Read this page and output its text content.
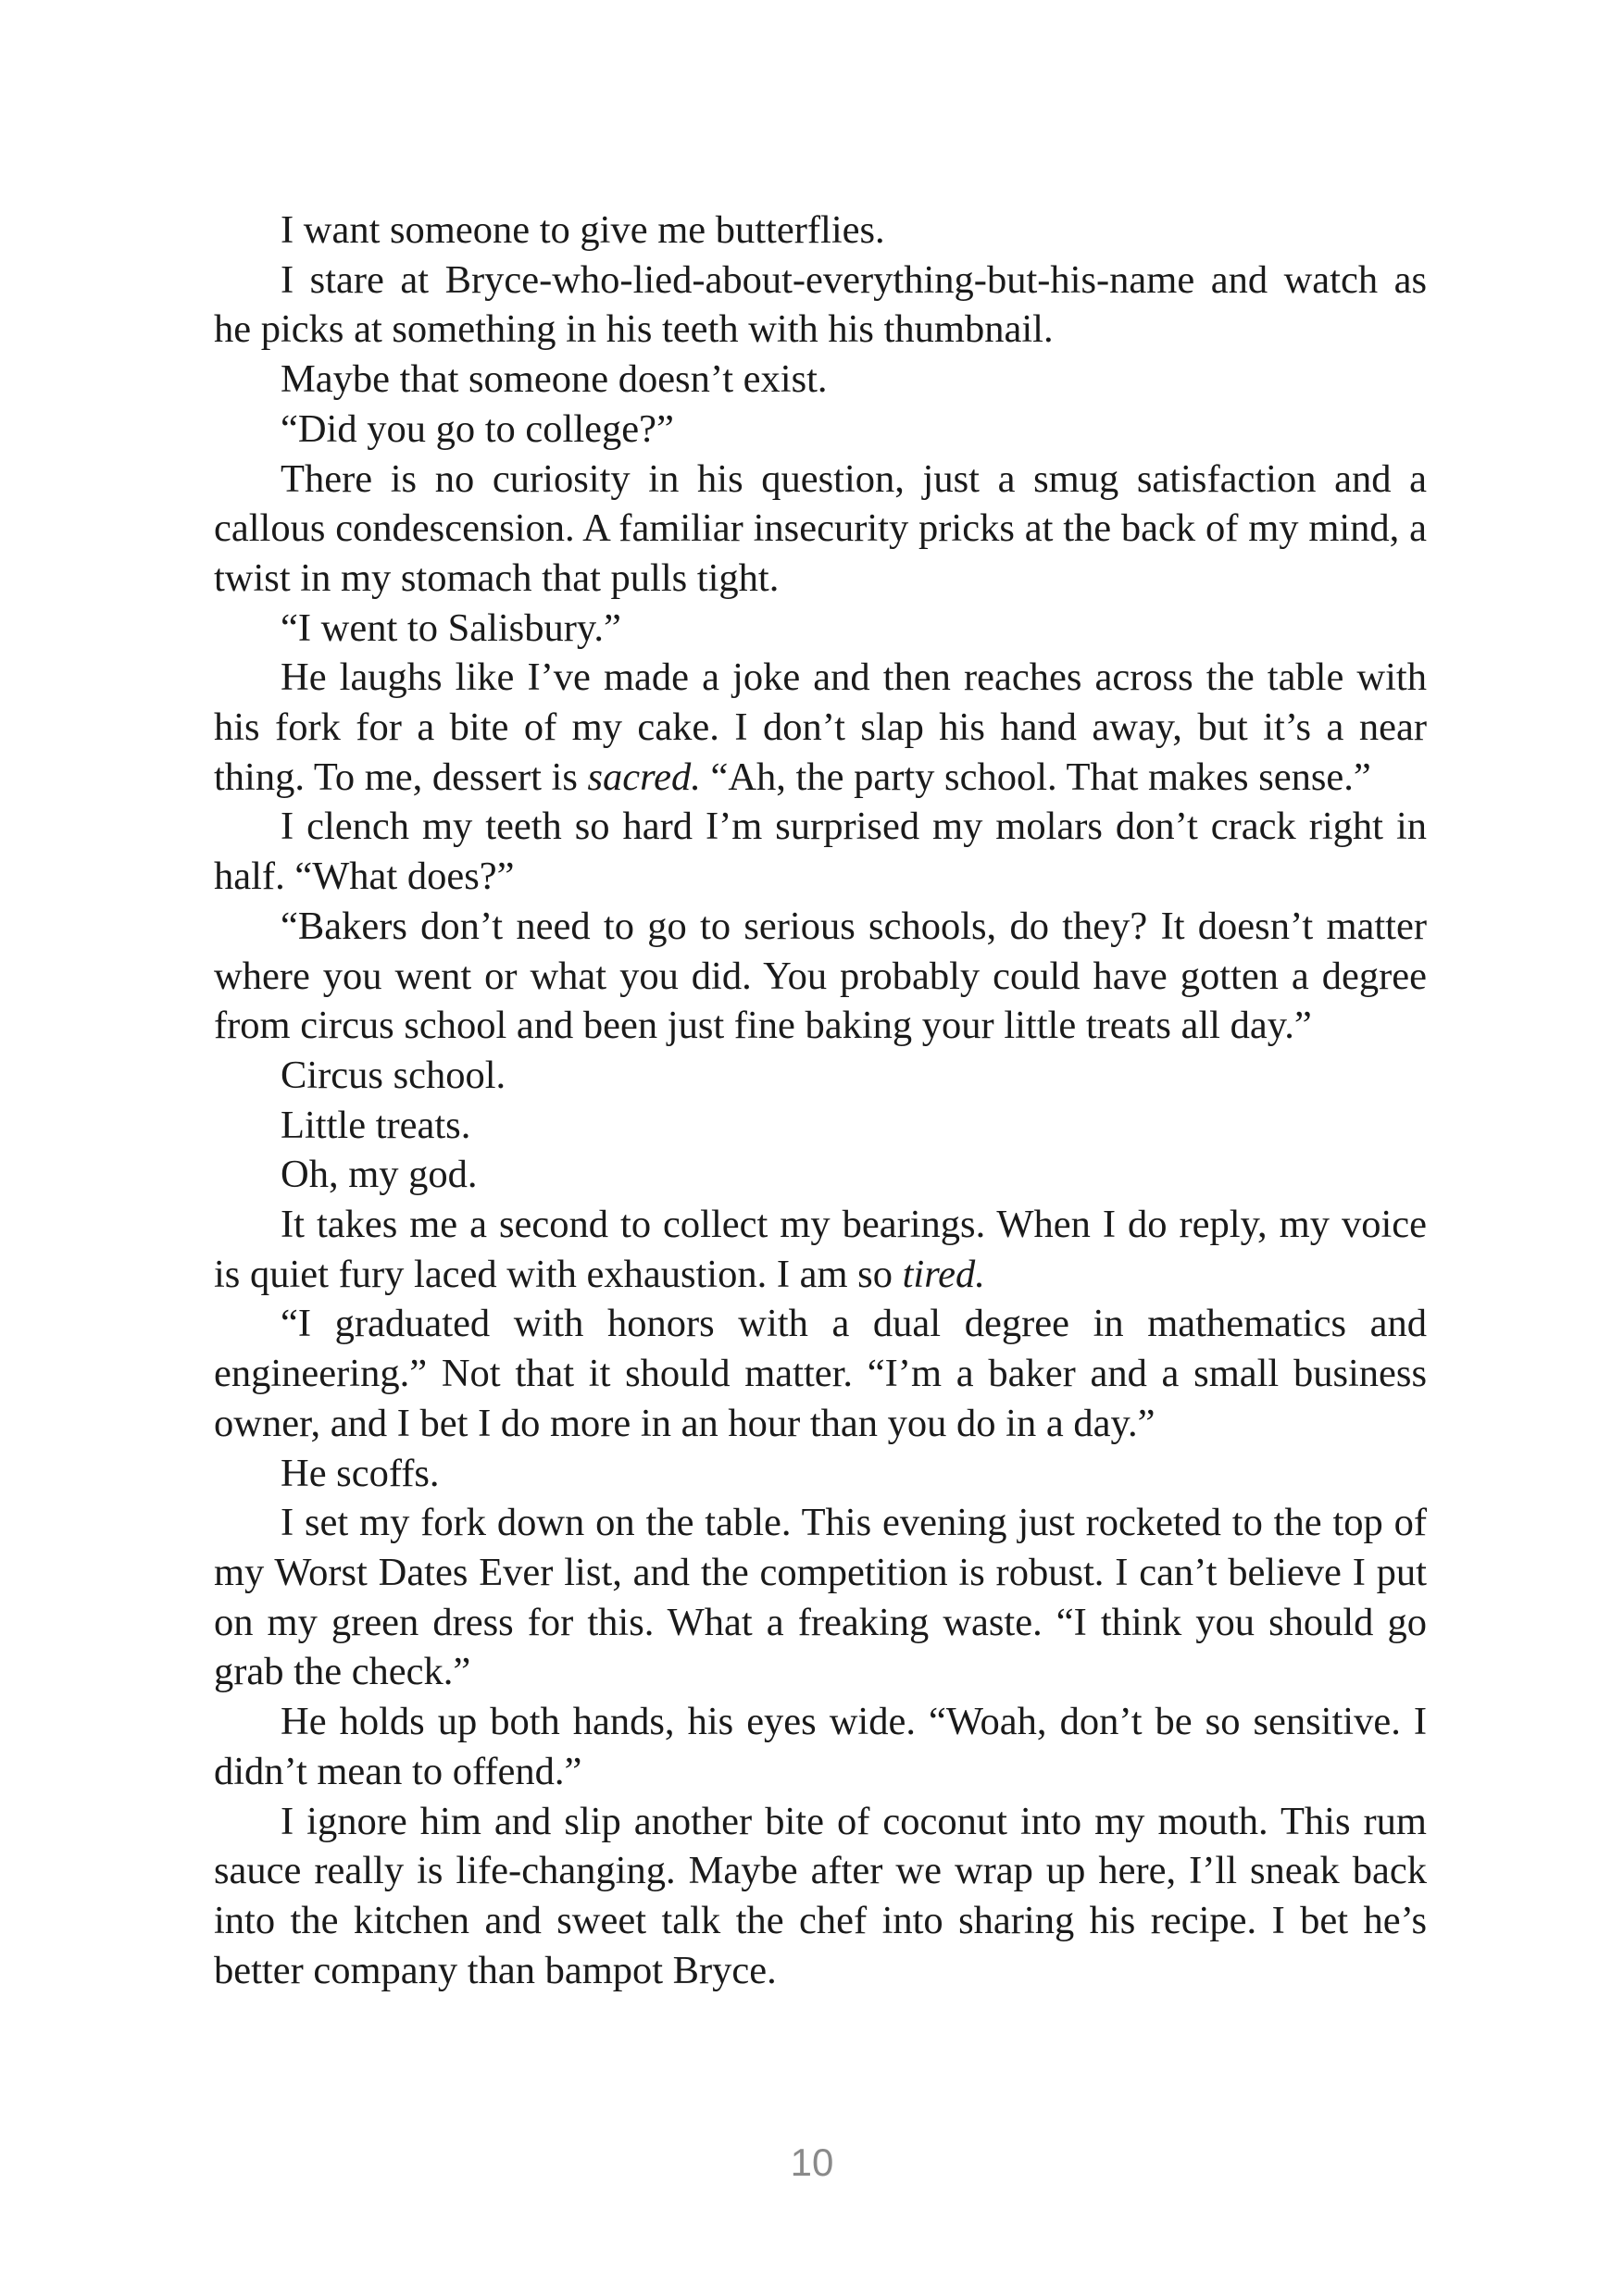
I want someone to give me butterflies.

I stare at Bryce-who-lied-about-everything-but-his-name and watch as he picks at something in his teeth with his thumbnail.

Maybe that someone doesn’t exist.

“Did you go to college?”

There is no curiosity in his question, just a smug satisfaction and a callous condescension. A familiar insecurity pricks at the back of my mind, a twist in my stomach that pulls tight.

“I went to Salisbury.”

He laughs like I’ve made a joke and then reaches across the table with his fork for a bite of my cake. I don’t slap his hand away, but it’s a near thing. To me, dessert is sacred. “Ah, the party school. That makes sense.”

I clench my teeth so hard I’m surprised my molars don’t crack right in half. “What does?”

“Bakers don’t need to go to serious schools, do they? It doesn’t matter where you went or what you did. You probably could have gotten a degree from circus school and been just fine baking your little treats all day.”

Circus school.

Little treats.

Oh, my god.

It takes me a second to collect my bearings. When I do reply, my voice is quiet fury laced with exhaustion. I am so tired.

“I graduated with honors with a dual degree in mathematics and engineering.” Not that it should matter. “I’m a baker and a small business owner, and I bet I do more in an hour than you do in a day.”

He scoffs.

I set my fork down on the table. This evening just rocketed to the top of my Worst Dates Ever list, and the competition is robust. I can’t believe I put on my green dress for this. What a freaking waste. “I think you should go grab the check.”

He holds up both hands, his eyes wide. “Woah, don’t be so sensitive. I didn’t mean to offend.”

I ignore him and slip another bite of coconut into my mouth. This rum sauce really is life-changing. Maybe after we wrap up here, I’ll sneak back into the kitchen and sweet talk the chef into sharing his recipe. I bet he’s better company than bampot Bryce.

10
